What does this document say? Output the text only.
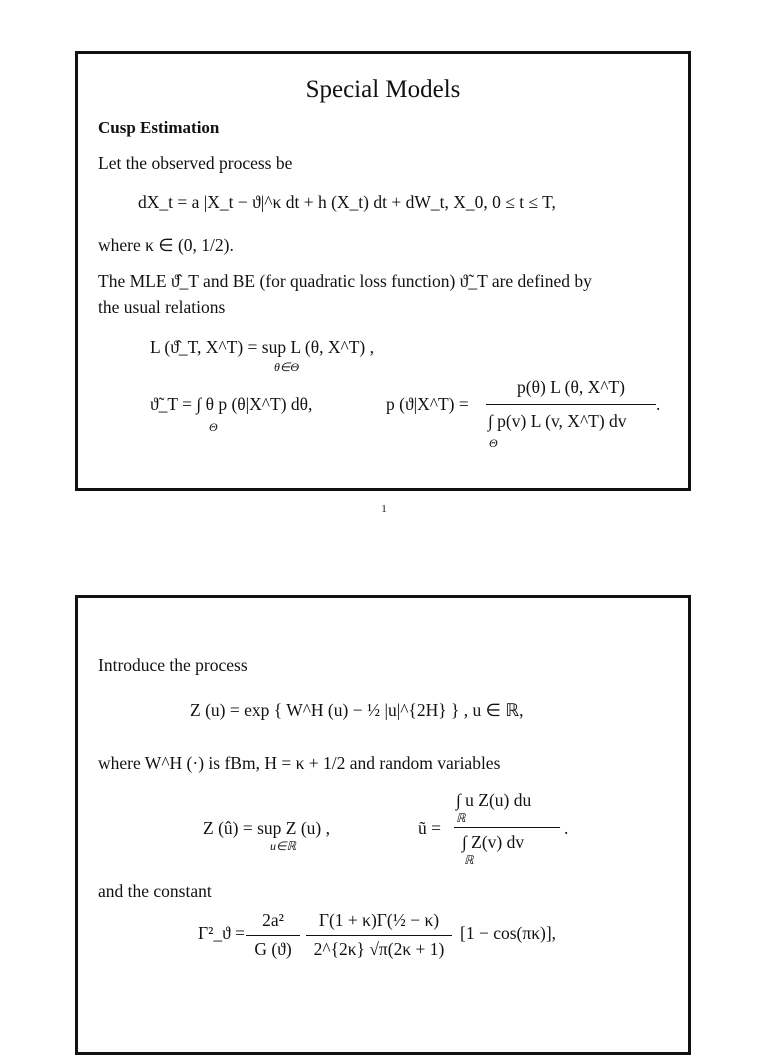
Special Models
Cusp Estimation
Let the observed process be
dX_t = a |X_t − ϑ|^κ dt + h (X_t) dt + dW_t, X_0, 0 ≤ t ≤ T,
where κ ∈ (0, 1/2).
The MLE ϑ̂_T and BE (for quadratic loss function) ϑ̃_T are defined by
the usual relations
L (ϑ̂_T, X^T) = sup L (θ, X^T) ,
θ∈Θ
ϑ̃_T = ∫ θ p (θ|X^T) dθ,
Θ
p (ϑ|X^T) =
p(θ) L (θ, X^T)
∫ p(v) L (v, X^T) dv
Θ
.
1
Introduce the process
Z (u) = exp { W^H (u) − ½ |u|^{2H} } , u ∈ ℝ,
where W^H (·) is fBm, H = κ + 1/2 and random variables
Z (û) = sup Z (u) ,
u∈ℝ
ũ =
∫ u Z(u) du
ℝ
∫ Z(v) dv
ℝ
.
and the constant
Γ²_ϑ =
2a²
G (ϑ)
Γ(1 + κ)Γ(½ − κ)
2^{2κ} √π(2κ + 1)
[1 − cos(πκ)],
